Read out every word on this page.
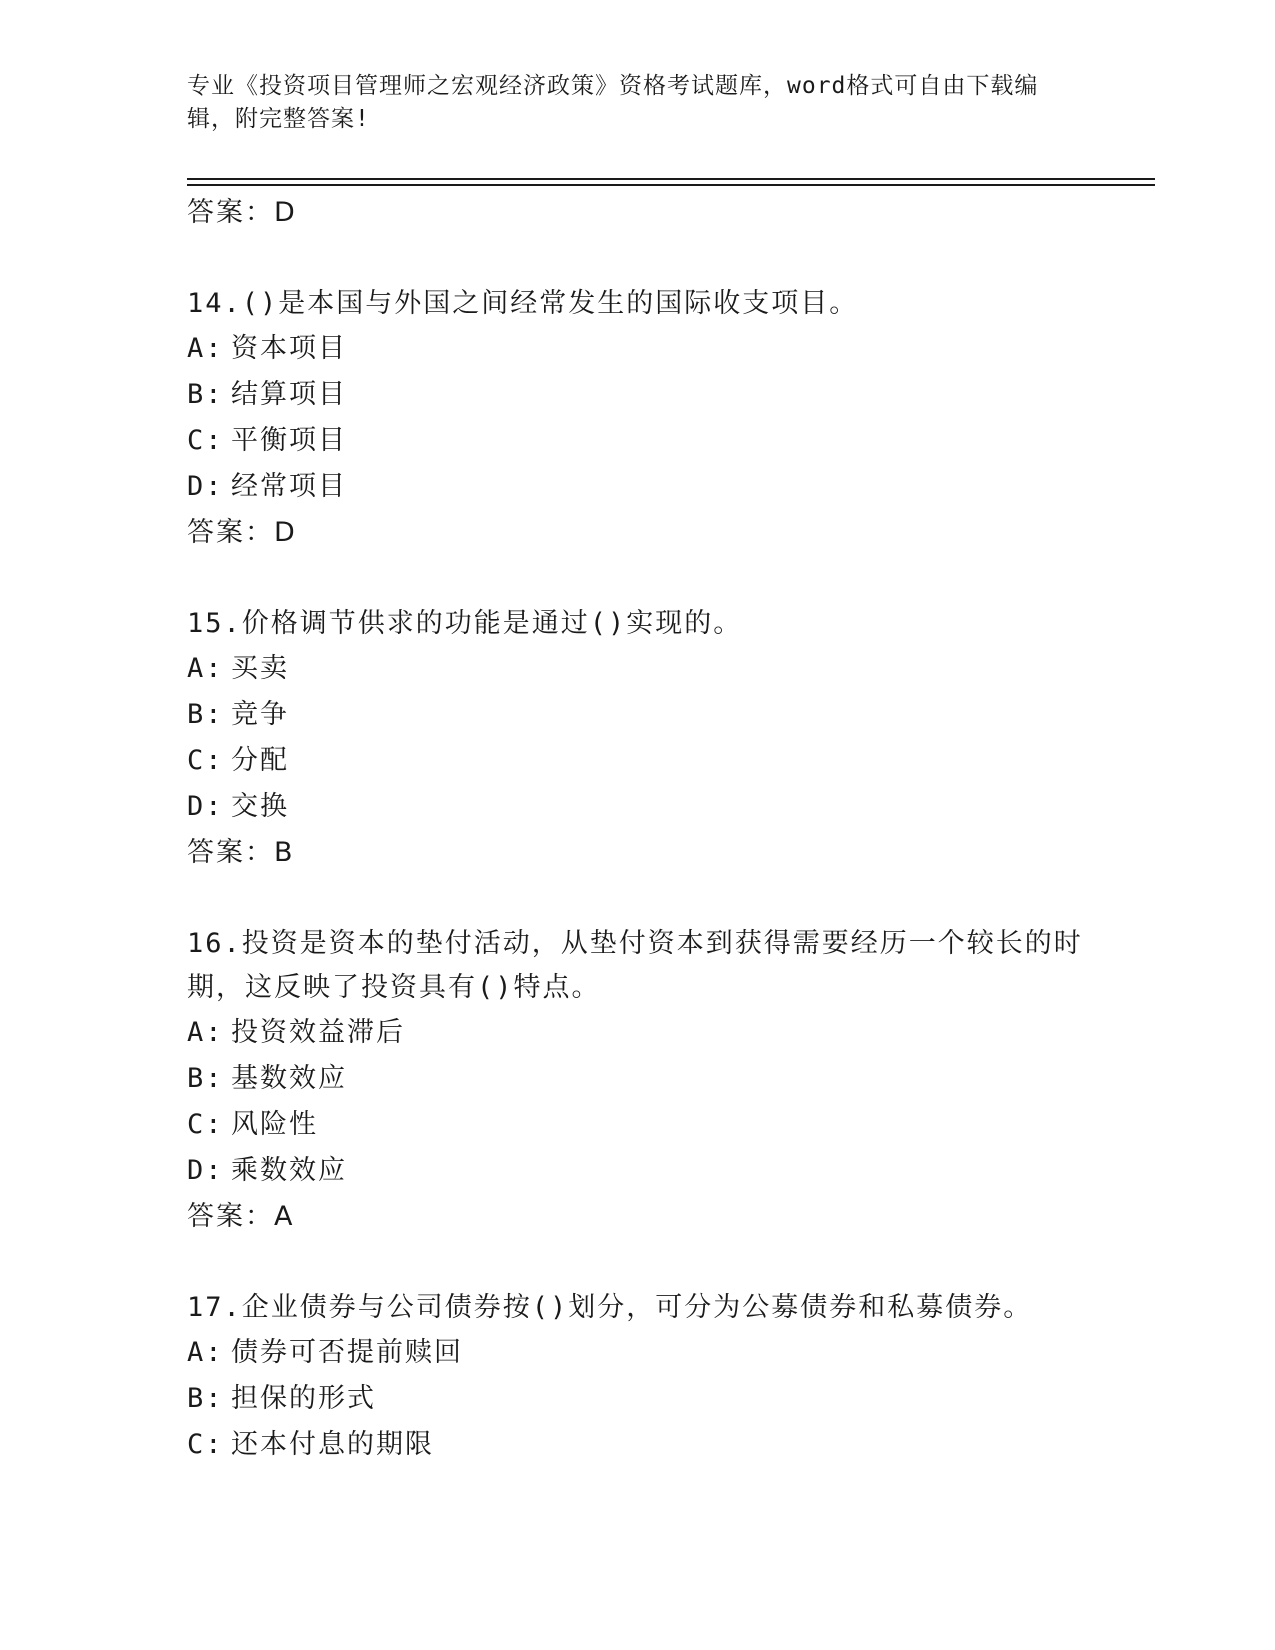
专业《投资项目管理师之宏观经济政策》资格考试题库，word格式可自由下载编辑，附完整答案!
答案：D
14.()是本国与外国之间经常发生的国际收支项目。
A: 资本项目
B: 结算项目
C: 平衡项目
D: 经常项目
答案：D
15.价格调节供求的功能是通过()实现的。
A: 买卖
B: 竞争
C: 分配
D: 交换
答案：B
16.投资是资本的垫付活动，从垫付资本到获得需要经历一个较长的时期，这反映了投资具有()特点。
A: 投资效益滞后
B: 基数效应
C: 风险性
D: 乘数效应
答案：A
17.企业债券与公司债券按()划分，可分为公募债券和私募债券。
A: 债券可否提前赎回
B: 担保的形式
C: 还本付息的期限
